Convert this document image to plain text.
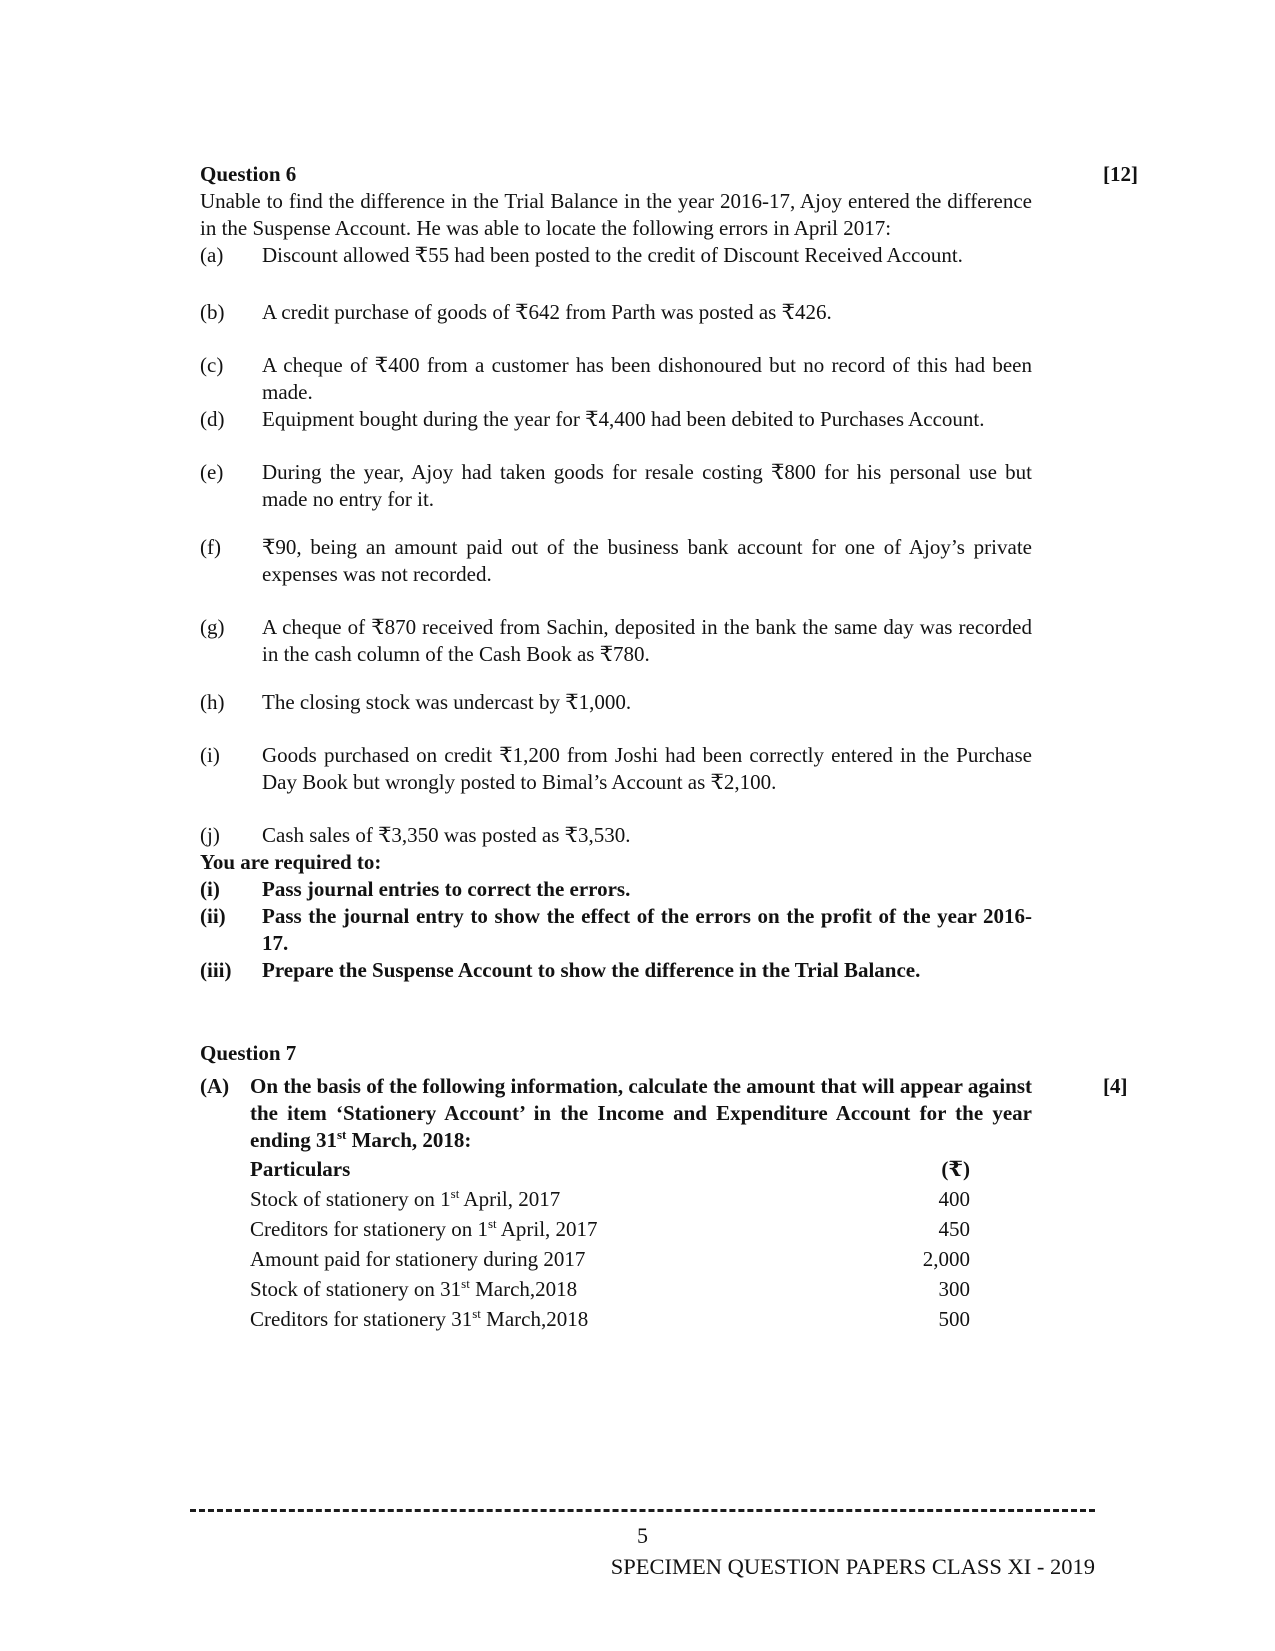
[12]
[4]
Question 6

Unable to find the difference in the Trial Balance in the year 2016-17, Ajoy entered the difference in the Suspense Account. He was able to locate the following errors in April 2017:

(a)	Discount allowed ₹55 had been posted to the credit of Discount Received Account.
(b)	A credit purchase of goods of ₹642 from Parth was posted as ₹426.
(c)	A cheque of ₹400 from a customer has been dishonoured but no record of this had been made.
(d)	Equipment bought during the year for ₹4,400 had been debited to Purchases Account.
(e)	During the year, Ajoy had taken goods for resale costing ₹800 for his personal use but made no entry for it.
(f)	₹90, being an amount paid out of the business bank account for one of Ajoy’s private expenses was not recorded.
(g)	A cheque of ₹870 received from Sachin, deposited in the bank the same day was recorded in the cash column of the Cash Book as ₹780.
(h)	The closing stock was undercast by ₹1,000.
(i)	Goods purchased on credit ₹1,200 from Joshi had been correctly entered in the Purchase Day Book but wrongly posted to Bimal’s Account as ₹2,100.
(j)	Cash sales of ₹3,350 was posted as ₹3,530.
You are required to:
(i)	Pass journal entries to correct the errors.
(ii)	Pass the journal entry to show the effect of the errors on the profit of the year 2016-17.
(iii)	Prepare the Suspense Account to show the difference in the Trial Balance.
Question 7
(A) On the basis of the following information, calculate the amount that will appear against the item ‘Stationery Account’ in the Income and Expenditure Account for the year ending 31st March, 2018:
Particulars	(₹)
Stock of stationery on 1st April, 2017	400
Creditors for stationery on 1st April, 2017	450
Amount paid for stationery during 2017	2,000
Stock of stationery on 31st March,2018	300
Creditors for stationery 31st March,2018	500
5
SPECIMEN QUESTION PAPERS CLASS XI - 2019
